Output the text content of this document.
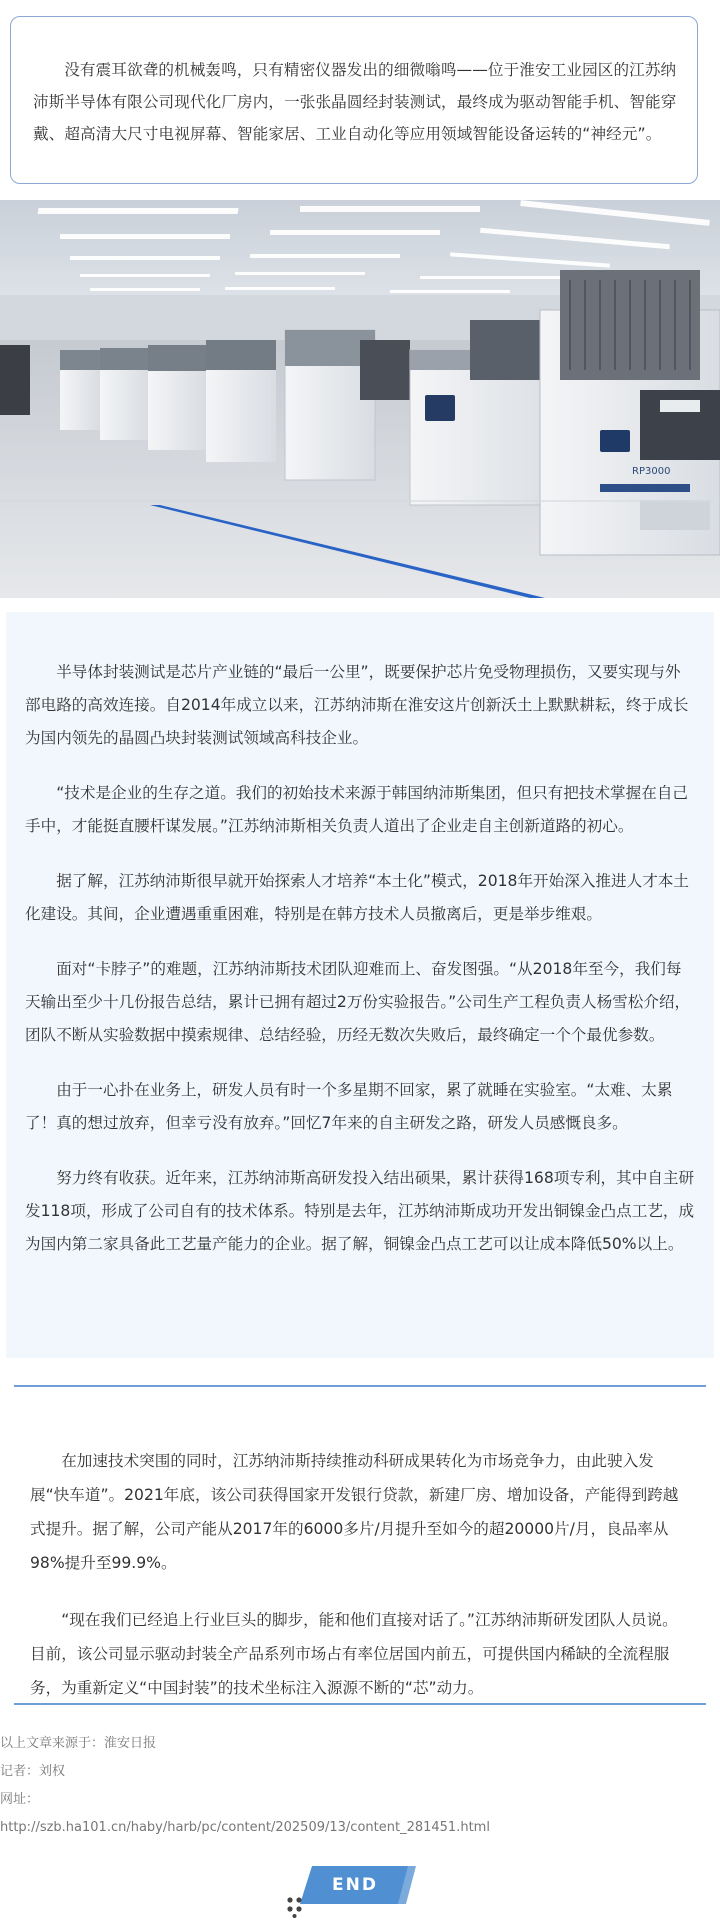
没有震耳欲聋的机械轰鸣，只有精密仪器发出的细微嗡鸣——位于淮安工业园区的江苏纳沛斯半导体有限公司现代化厂房内，一张张晶圆经封装测试，最终成为驱动智能手机、智能穿戴、超高清大尺寸电视屏幕、智能家居、工业自动化等应用领域智能设备运转的“神经元”。

RP3000

半导体封装测试是芯片产业链的“最后一公里”，既要保护芯片免受物理损伤，又要实现与外部电路的高效连接。自2014年成立以来，江苏纳沛斯在淮安这片创新沃土上默默耕耘，终于成长为国内领先的晶圆凸块封装测试领域高科技企业。

“技术是企业的生存之道。我们的初始技术来源于韩国纳沛斯集团，但只有把技术掌握在自己手中，才能挺直腰杆谋发展。”江苏纳沛斯相关负责人道出了企业走自主创新道路的初心。

据了解，江苏纳沛斯很早就开始探索人才培养“本土化”模式，2018年开始深入推进人才本土化建设。其间，企业遭遇重重困难，特别是在韩方技术人员撤离后，更是举步维艰。

面对“卡脖子”的难题，江苏纳沛斯技术团队迎难而上、奋发图强。“从2018年至今，我们每天输出至少十几份报告总结，累计已拥有超过2万份实验报告。”公司生产工程负责人杨雪松介绍，团队不断从实验数据中摸索规律、总结经验，历经无数次失败后，最终确定一个个最优参数。

由于一心扑在业务上，研发人员有时一个多星期不回家，累了就睡在实验室。“太难、太累了！真的想过放弃，但幸亏没有放弃。”回忆7年来的自主研发之路，研发人员感慨良多。

努力终有收获。近年来，江苏纳沛斯高研发投入结出硕果，累计获得168项专利，其中自主研发118项，形成了公司自有的技术体系。特别是去年，江苏纳沛斯成功开发出铜镍金凸点工艺，成为国内第二家具备此工艺量产能力的企业。据了解，铜镍金凸点工艺可以让成本降低50%以上。

在加速技术突围的同时，江苏纳沛斯持续推动科研成果转化为市场竞争力，由此驶入发展“快车道”。2021年底，该公司获得国家开发银行贷款，新建厂房、增加设备，产能得到跨越式提升。据了解，公司产能从2017年的6000多片/月提升至如今的超20000片/月，良品率从98%提升至99.9%。

“现在我们已经追上行业巨头的脚步，能和他们直接对话了。”江苏纳沛斯研发团队人员说。目前，该公司显示驱动封装全产品系列市场占有率位居国内前五，可提供国内稀缺的全流程服务，为重新定义“中国封装”的技术坐标注入源源不断的“芯”动力。

以上文章来源于：淮安日报
记者：刘权
网址：
http://szb.ha101.cn/haby/harb/pc/content/202509/13/content_281451.html
END
